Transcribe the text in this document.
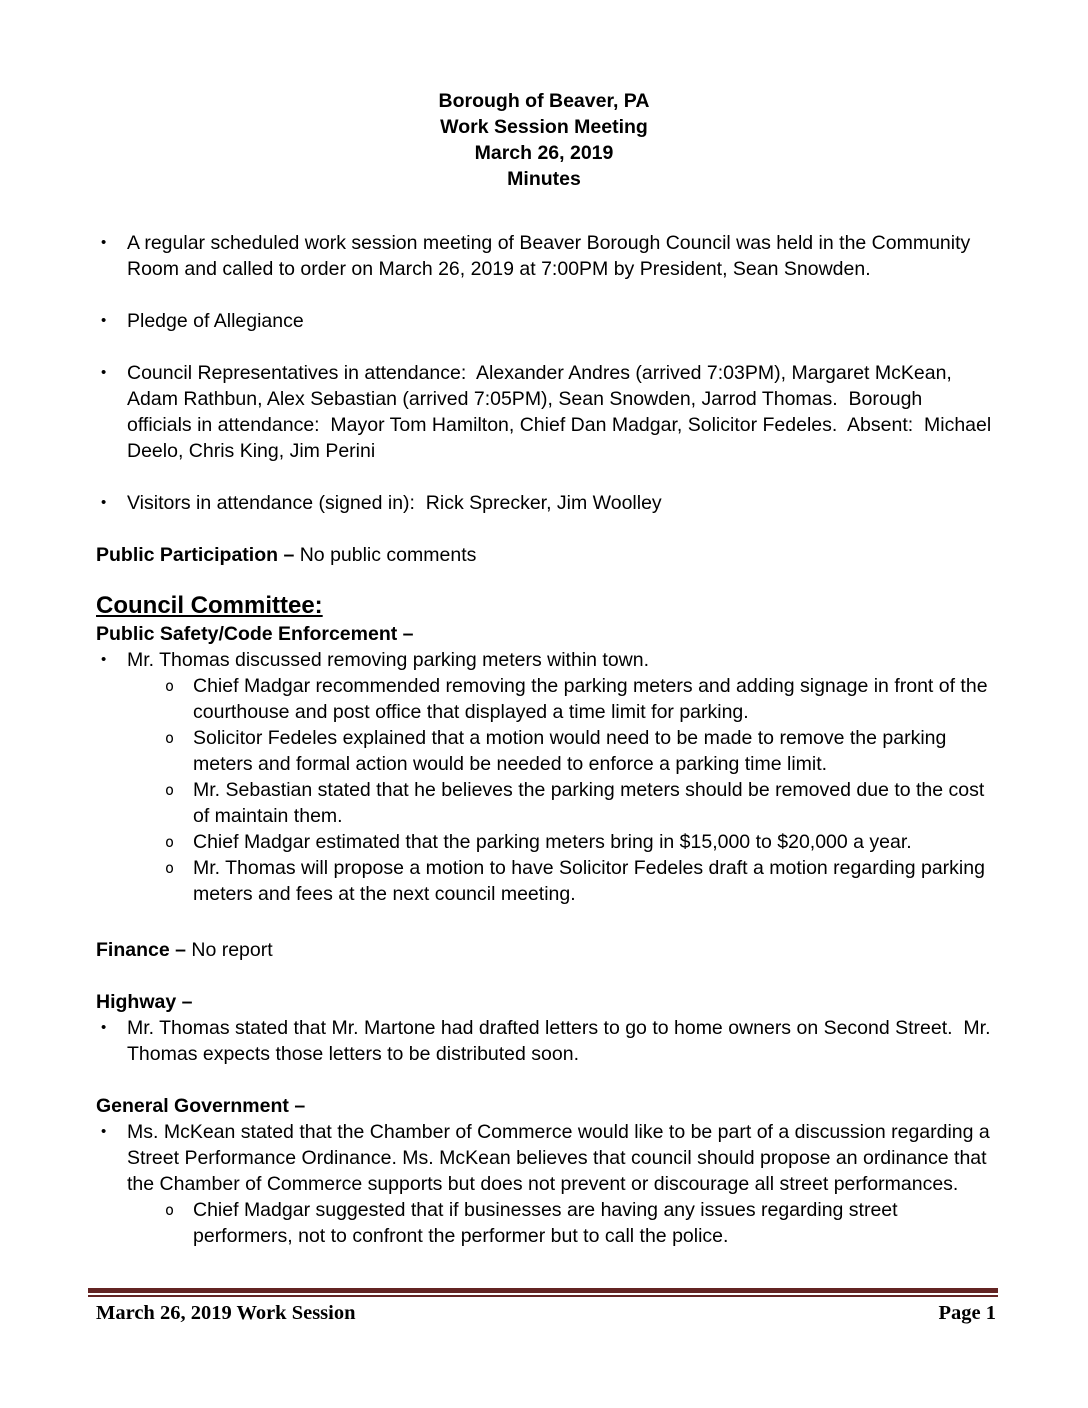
Borough of Beaver, PA
Work Session Meeting
March 26, 2019
Minutes
•	A regular scheduled work session meeting of Beaver Borough Council was held in the Community Room and called to order on March 26, 2019 at 7:00PM by President, Sean Snowden.
•	Pledge of Allegiance
•	Council Representatives in attendance:  Alexander Andres (arrived 7:03PM), Margaret McKean, Adam Rathbun, Alex Sebastian (arrived 7:05PM), Sean Snowden, Jarrod Thomas.  Borough officials in attendance:  Mayor Tom Hamilton, Chief Dan Madgar, Solicitor Fedeles.  Absent:  Michael Deelo, Chris King, Jim Perini
•	Visitors in attendance (signed in):  Rick Sprecker, Jim Woolley
Public Participation – No public comments
Council Committee:
Public Safety/Code Enforcement –
•	Mr. Thomas discussed removing parking meters within town.
o Chief Madgar recommended removing the parking meters and adding signage in front of the courthouse and post office that displayed a time limit for parking.
o Solicitor Fedeles explained that a motion would need to be made to remove the parking meters and formal action would be needed to enforce a parking time limit.
o Mr. Sebastian stated that he believes the parking meters should be removed due to the cost of maintain them.
o Chief Madgar estimated that the parking meters bring in $15,000 to $20,000 a year.
o Mr. Thomas will propose a motion to have Solicitor Fedeles draft a motion regarding parking meters and fees at the next council meeting.
Finance – No report
Highway –
•	Mr. Thomas stated that Mr. Martone had drafted letters to go to home owners on Second Street.  Mr. Thomas expects those letters to be distributed soon.
General Government –
•	Ms. McKean stated that the Chamber of Commerce would like to be part of a discussion regarding a Street Performance Ordinance. Ms. McKean believes that council should propose an ordinance that the Chamber of Commerce supports but does not prevent or discourage all street performances.
o Chief Madgar suggested that if businesses are having any issues regarding street performers, not to confront the performer but to call the police.
March 26, 2019 Work Session	Page 1
